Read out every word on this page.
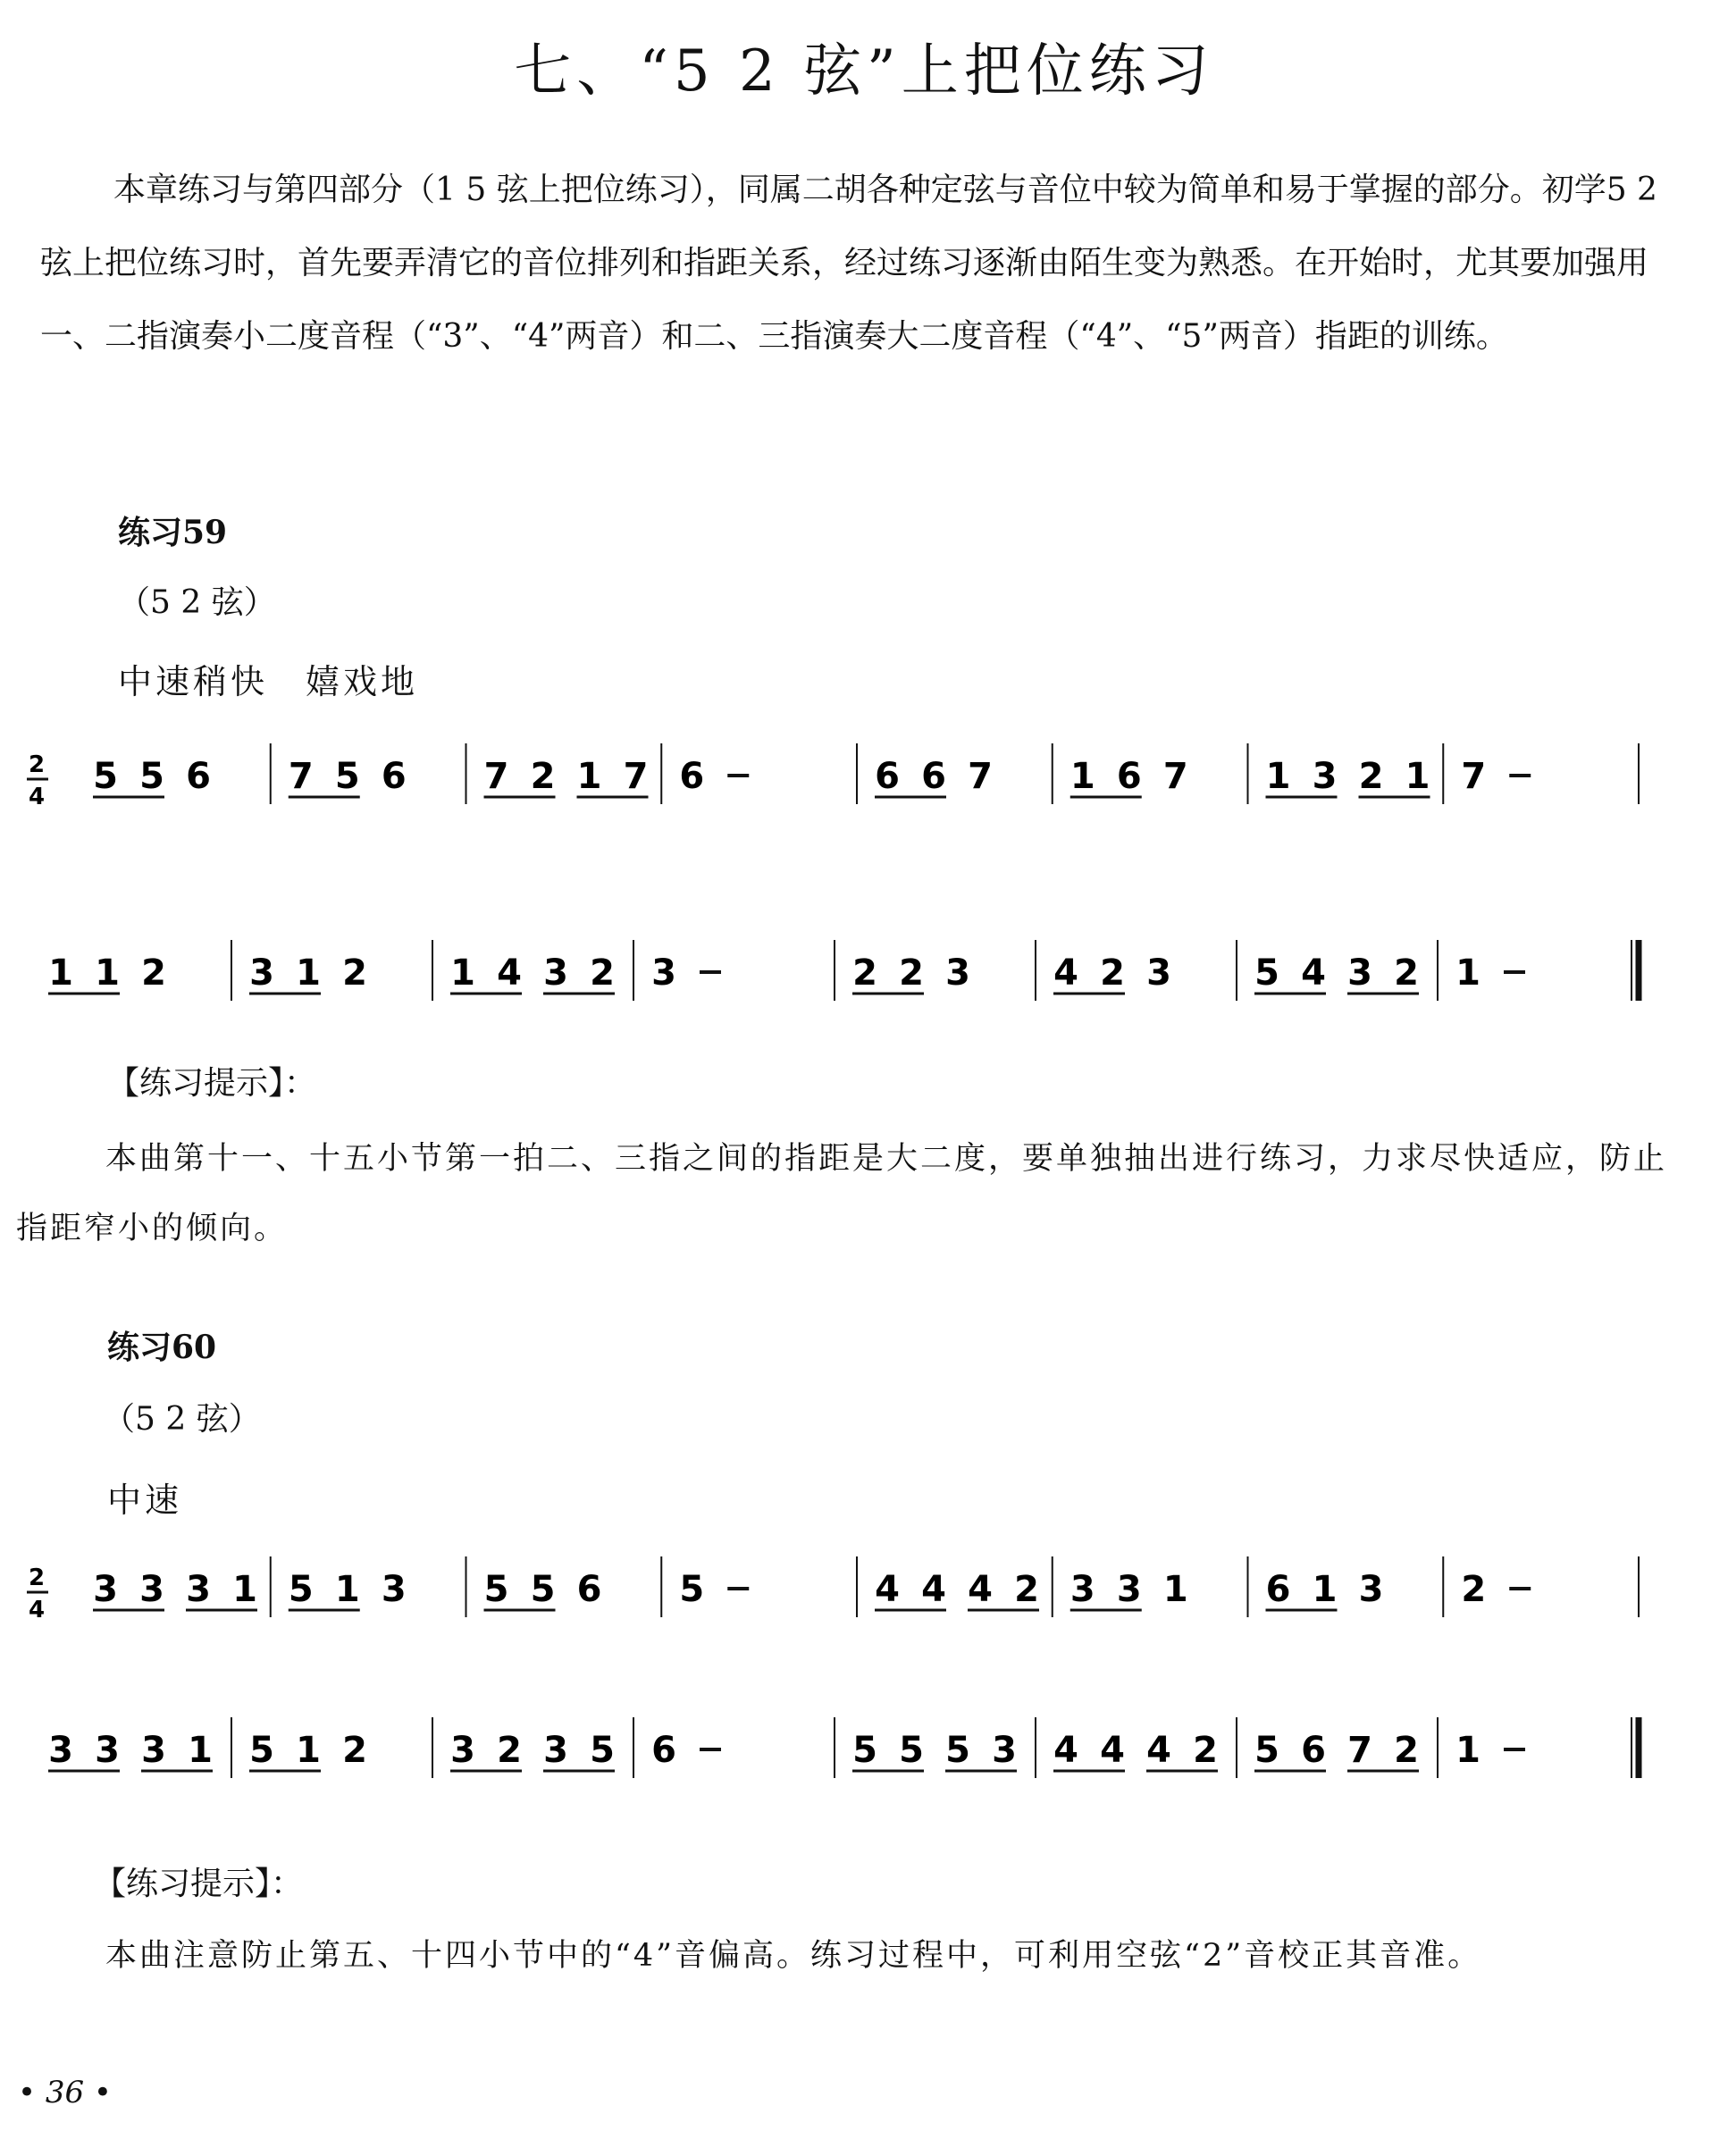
七、“5 2 弦”上把位练习

本章练习与第四部分（1 5 弦上把位练习），同属二胡各种定弦与音位中较为简单和易于掌握的部分。初学5 2 弦上把位练习时，首先要弄清它的音位排列和指距关系，经过练习逐渐由陌生变为熟悉。在开始时，尤其要加强用一、二指演奏小二度音程（“3”、“4”两音）和二、三指演奏大二度音程（“4”、“5”两音）指距的训练。

练习59
（5 2 弦）
中速稍快　嬉戏地
2
4 5 5 6 7 5 6 7 2 1 7 6	6 6 7 1 6 7 1 3 2 1 7
1 1 2 3 1 2 1 4 3 2 3	2 2 3 4 2 3 5 4 3 2 1
【练习提示】：

本曲第十一、十五小节第一拍二、三指之间的指距是大二度，要单独抽出进行练习，力求尽快适应，防止指距窄小的倾向。

练习60
（5 2 弦）
中速
2
4 3 3 3 1 5 1 3 5 5 6 5	4 4 4 2 3 3 1 6 1 3 2
3 3 3 1 5 1 2 3 2 3 5 6	5 5 5 3 4 4 4 2 5 6 7 2 1
【练习提示】：

本曲注意防止第五、十四小节中的“4”音偏高。练习过程中，可利用空弦“2”音校正其音准。

• 36 •
